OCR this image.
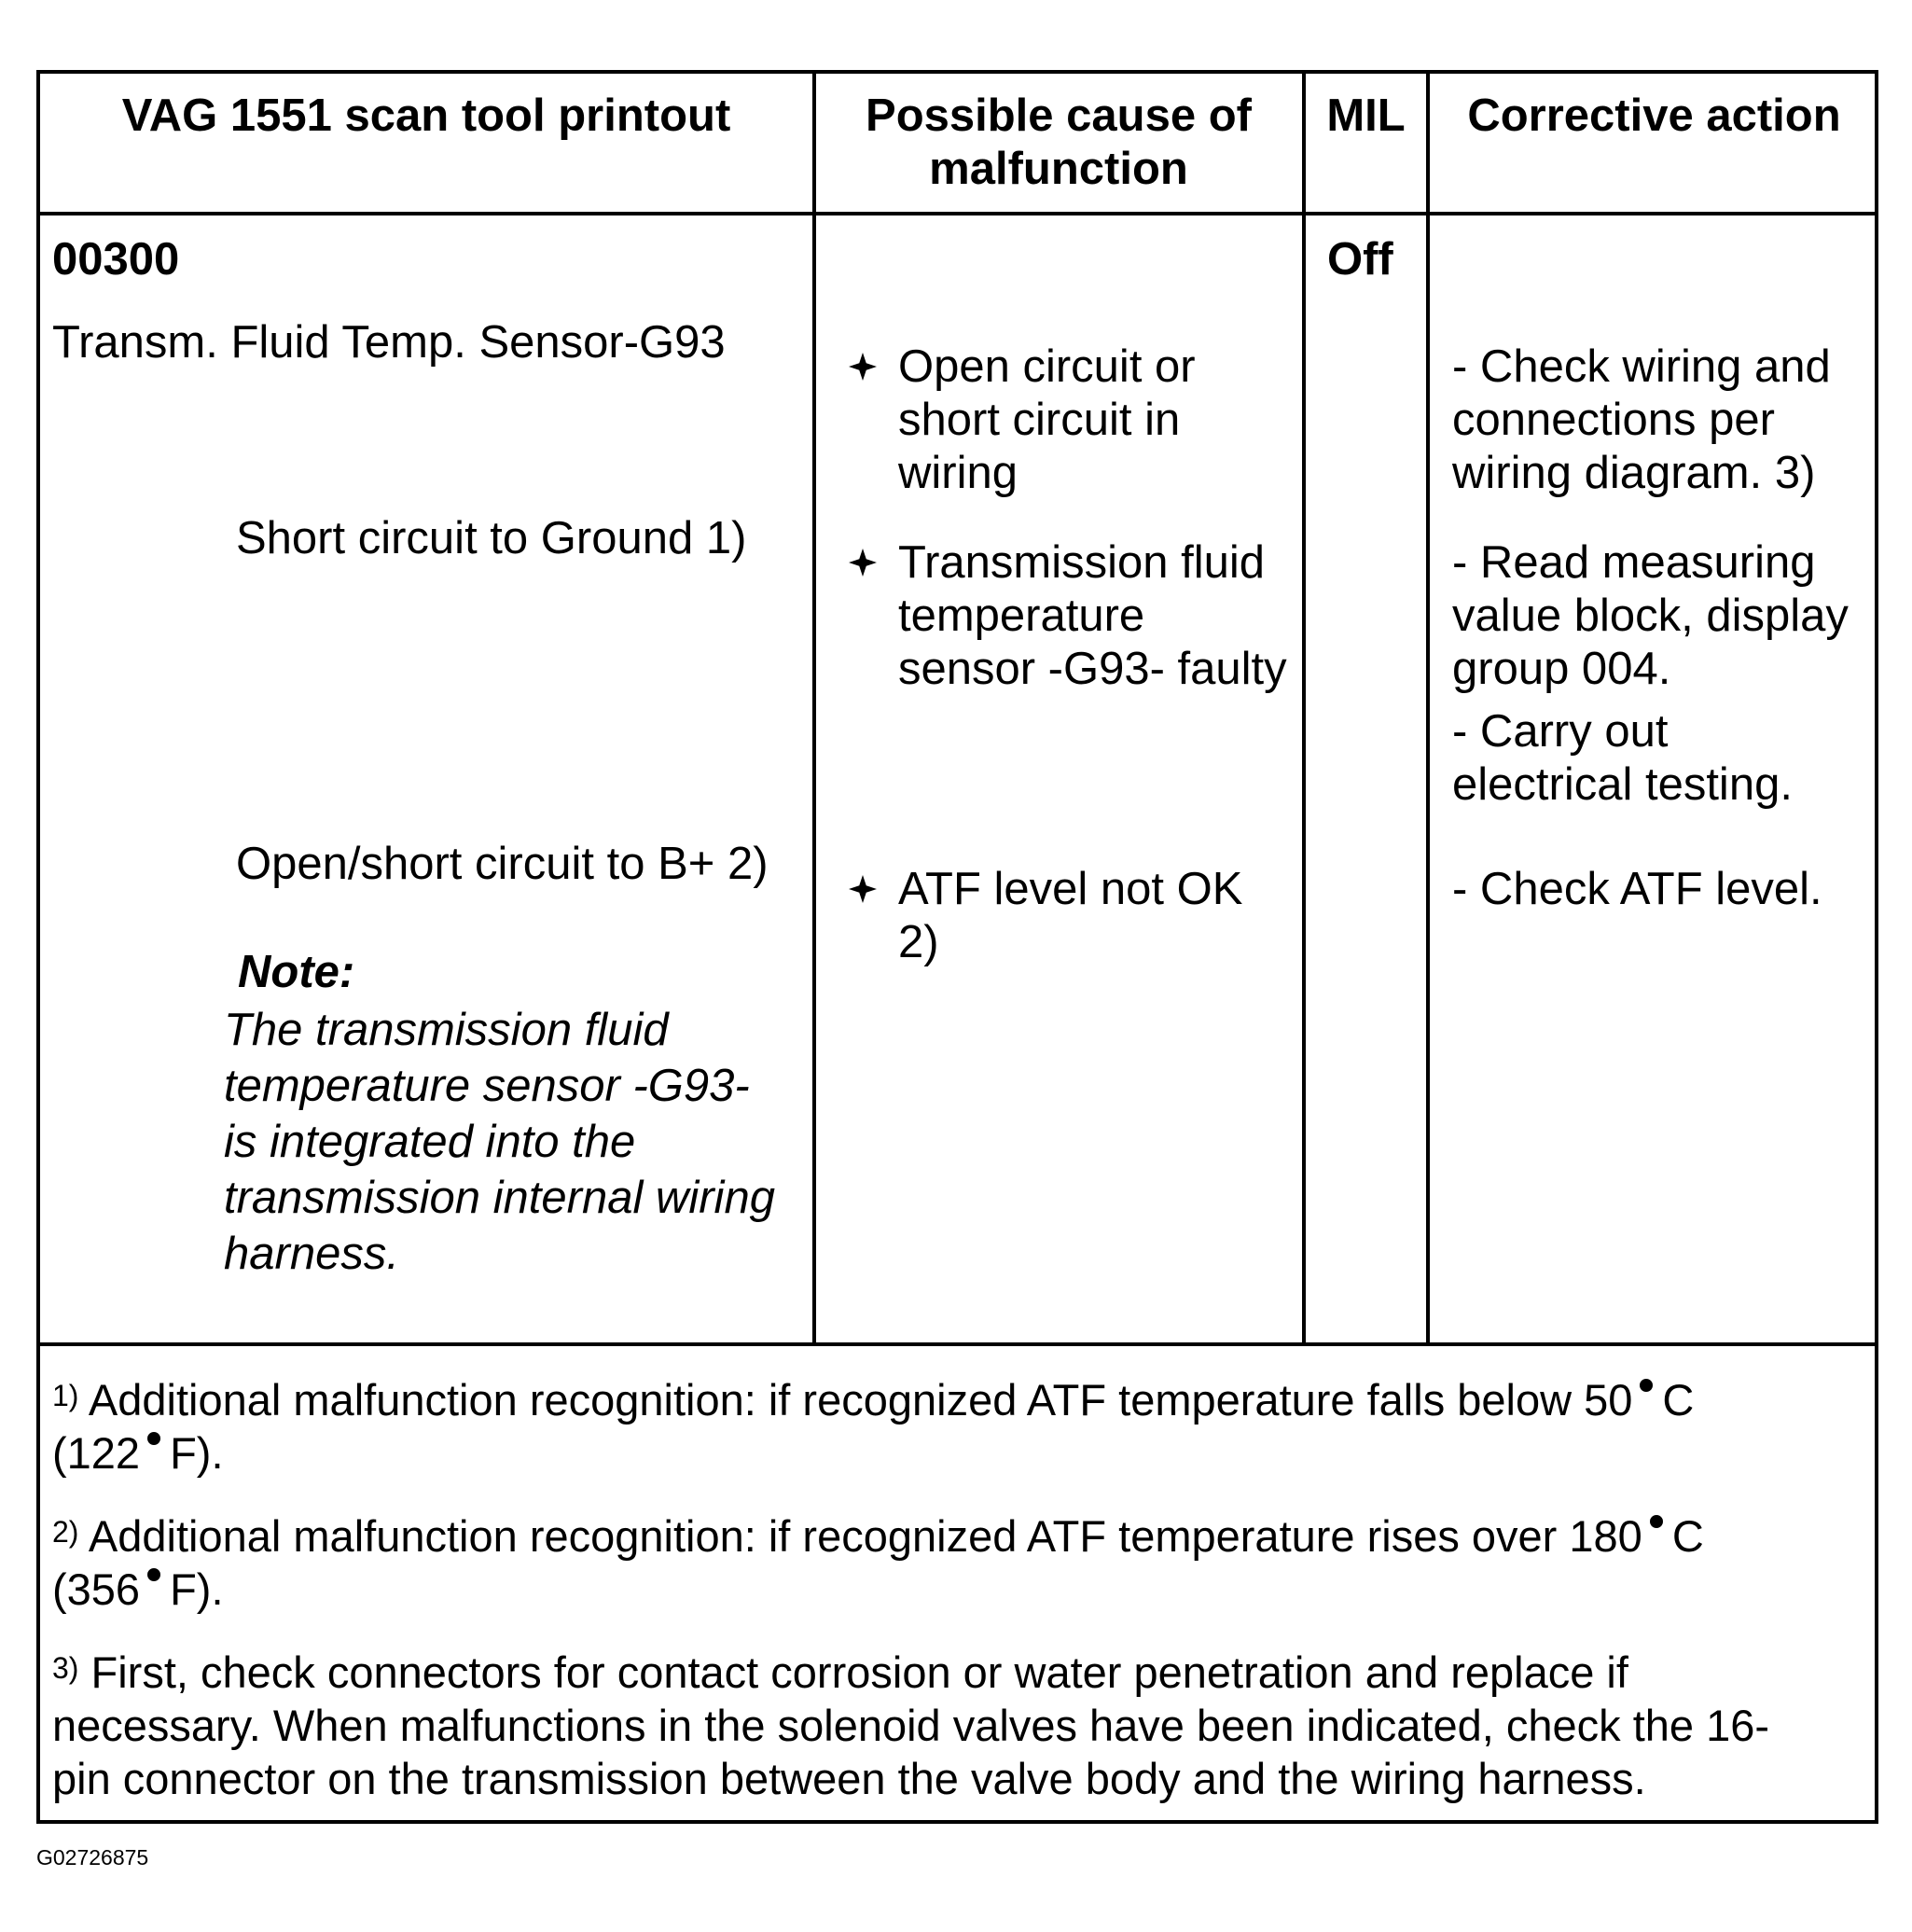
VAG 1551 scan tool printout	Possible cause of malfunction
MIL	Corrective action
00300
Transm. Fluid Temp. Sensor-G93
Short circuit to Ground 1)
Open/short circuit to B+ 2)
Note:
The transmission fluid
temperature sensor -G93-
is integrated into the
transmission internal wiring
harness.
Open circuit or
short circuit in
wiring
Transmission fluid
temperature
sensor -G93- faulty
ATF level not OK
2)
Off
- Check wiring and
connections per
wiring diagram. 3)
- Read measuring
value block, display
group 004.
- Carry out
electrical testing.
- Check ATF level.
$^{1)}$ Additional malfunction recognition: if recognized ATF temperature falls below 50 C
(122 F).
$^{2)}$ Additional malfunction recognition: if recognized ATF temperature rises over 180 C
(356 F).
$^{3)}$ First, check connectors for contact corrosion or water penetration and replace if
necessary. When malfunctions in the solenoid valves have been indicated, check the 16-
pin connector on the transmission between the valve body and the wiring harness.
G02726875
